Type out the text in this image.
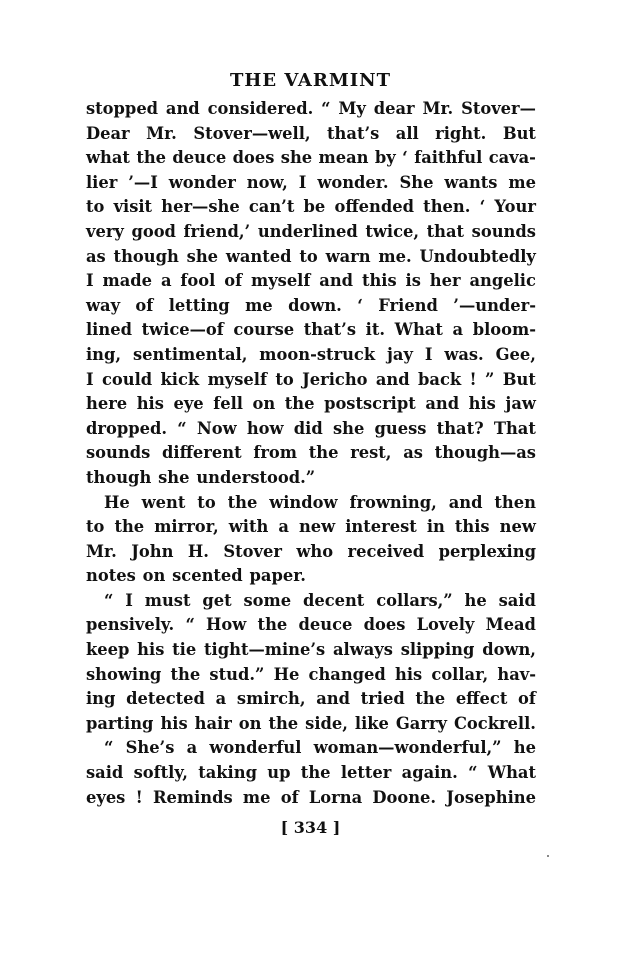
THE VARMINT
stopped and considered. “ My dear Mr. Stover—
Dear Mr. Stover—well, that’s all right. But
what the deuce does she mean by ‘ faithful cava-
lier ’—I wonder now, I wonder. She wants me
to visit her—she can’t be offended then. ‘ Your
very good friend,’ underlined twice, that sounds
as though she wanted to warn me. Undoubtedly
I made a fool of myself and this is her angelic
way of letting me down. ‘ Friend ’—under-
lined twice—of course that’s it. What a bloom-
ing, sentimental, moon-struck jay I was. Gee,
I could kick myself to Jericho and back ! ” But
here his eye fell on the postscript and his jaw
dropped. “ Now how did she guess that? That
sounds different from the rest, as though—as
though she understood.”
He went to the window frowning, and then
to the mirror, with a new interest in this new
Mr. John H. Stover who received perplexing
notes on scented paper.
“ I must get some decent collars,” he said
pensively. “ How the deuce does Lovely Mead
keep his tie tight—mine’s always slipping down,
showing the stud.” He changed his collar, hav-
ing detected a smirch, and tried the effect of
parting his hair on the side, like Garry Cockrell.
“ She’s a wonderful woman—wonderful,” he
said softly, taking up the letter again. “ What
eyes ! Reminds me of Lorna Doone. Josephine
[ 334 ]
